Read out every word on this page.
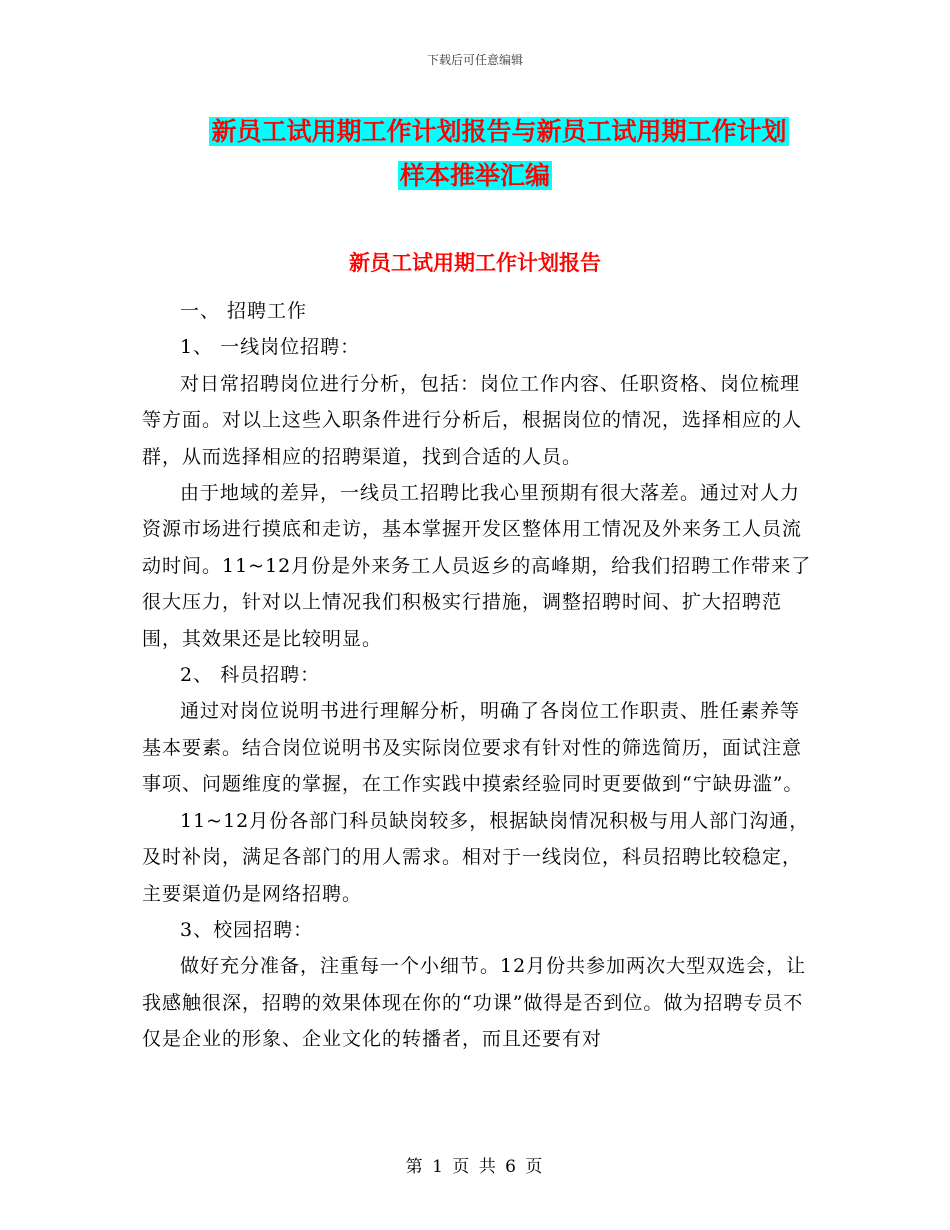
下载后可任意编辑
新员工试用期工作计划报告与新员工试用期工作计划
样本推举汇编
新员工试用期工作计划报告

一、 招聘工作

1、 一线岗位招聘：

对日常招聘岗位进行分析，包括：岗位工作内容、任职资格、岗位梳理等方面。对以上这些入职条件进行分析后，根据岗位的情况，选择相应的人群，从而选择相应的招聘渠道，找到合适的人员。

由于地域的差异，一线员工招聘比我心里预期有很大落差。通过对人力资源市场进行摸底和走访，基本掌握开发区整体用工情况及外来务工人员流动时间。11~12月份是外来务工人员返乡的高峰期，给我们招聘工作带来了很大压力，针对以上情况我们积极实行措施，调整招聘时间、扩大招聘范围，其效果还是比较明显。

2、 科员招聘：

通过对岗位说明书进行理解分析，明确了各岗位工作职责、胜任素养等基本要素。结合岗位说明书及实际岗位要求有针对性的筛选简历，面试注意事项、问题维度的掌握，在工作实践中摸索经验同时更要做到“宁缺毋滥”。

11~12月份各部门科员缺岗较多，根据缺岗情况积极与用人部门沟通，及时补岗，满足各部门的用人需求。相对于一线岗位，科员招聘比较稳定，主要渠道仍是网络招聘。

3、校园招聘：

做好充分准备，注重每一个小细节。12月份共参加两次大型双选会，让我感触很深，招聘的效果体现在你的“功课”做得是否到位。做为招聘专员不仅是企业的形象、企业文化的转播者，而且还要有对

第 1 页 共 6 页
